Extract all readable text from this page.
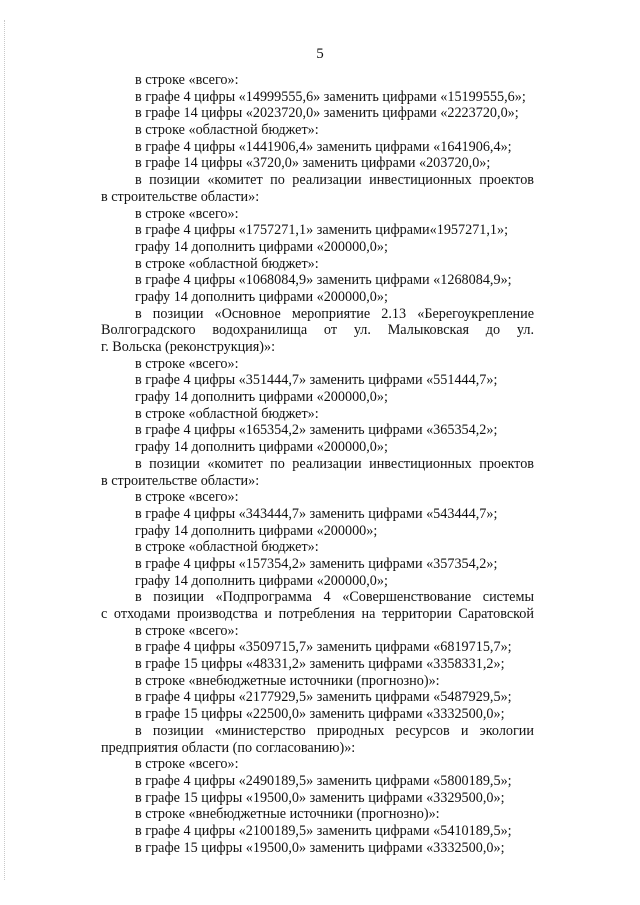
5
в строке «всего»:
в графе 4 цифры «14999555,6» заменить цифрами «15199555,6»;
в графе 14 цифры «2023720,0» заменить цифрами «2223720,0»;
в строке «областной бюджет»:
в графе 4 цифры «1441906,4» заменить цифрами «1641906,4»;
в графе 14 цифры «3720,0» заменить цифрами «203720,0»;
в позиции «комитет по реализации инвестиционных проектов
в строительстве области»:
в строке «всего»:
в графе 4 цифры «1757271,1» заменить цифрами«1957271,1»;
графу 14 дополнить цифрами «200000,0»;
в строке «областной бюджет»:
в графе 4 цифры «1068084,9» заменить цифрами «1268084,9»;
графу 14 дополнить цифрами «200000,0»;
в позиции «Основное мероприятие 2.13 «Берегоукрепление
Волгоградского водохранилища от ул. Малыковская до ул.
г. Вольска (реконструкция)»:
в строке «всего»:
в графе 4 цифры «351444,7» заменить цифрами «551444,7»;
графу 14 дополнить цифрами «200000,0»;
в строке «областной бюджет»:
в графе 4 цифры «165354,2» заменить цифрами «365354,2»;
графу 14 дополнить цифрами «200000,0»;
в позиции «комитет по реализации инвестиционных проектов
в строительстве области»:
в строке «всего»:
в графе 4 цифры «343444,7» заменить цифрами «543444,7»;
графу 14 дополнить цифрами «200000»;
в строке «областной бюджет»:
в графе 4 цифры «157354,2» заменить цифрами «357354,2»;
графу 14 дополнить цифрами «200000,0»;
в позиции «Подпрограмма 4 «Совершенствование системы
с отходами производства и потребления на территории Саратовской
в строке «всего»:
в графе 4 цифры «3509715,7» заменить цифрами «6819715,7»;
в графе 15 цифры «48331,2» заменить цифрами «3358331,2»;
в строке «внебюджетные источники (прогнозно)»:
в графе 4 цифры «2177929,5» заменить цифрами «5487929,5»;
в графе 15 цифры «22500,0» заменить цифрами «3332500,0»;
в позиции «министерство природных ресурсов и экологии
предприятия области (по согласованию)»:
в строке «всего»:
в графе 4 цифры «2490189,5» заменить цифрами «5800189,5»;
в графе 15 цифры «19500,0» заменить цифрами «3329500,0»;
в строке «внебюджетные источники (прогнозно)»:
в графе 4 цифры «2100189,5» заменить цифрами «5410189,5»;
в графе 15 цифры «19500,0» заменить цифрами «3332500,0»;
